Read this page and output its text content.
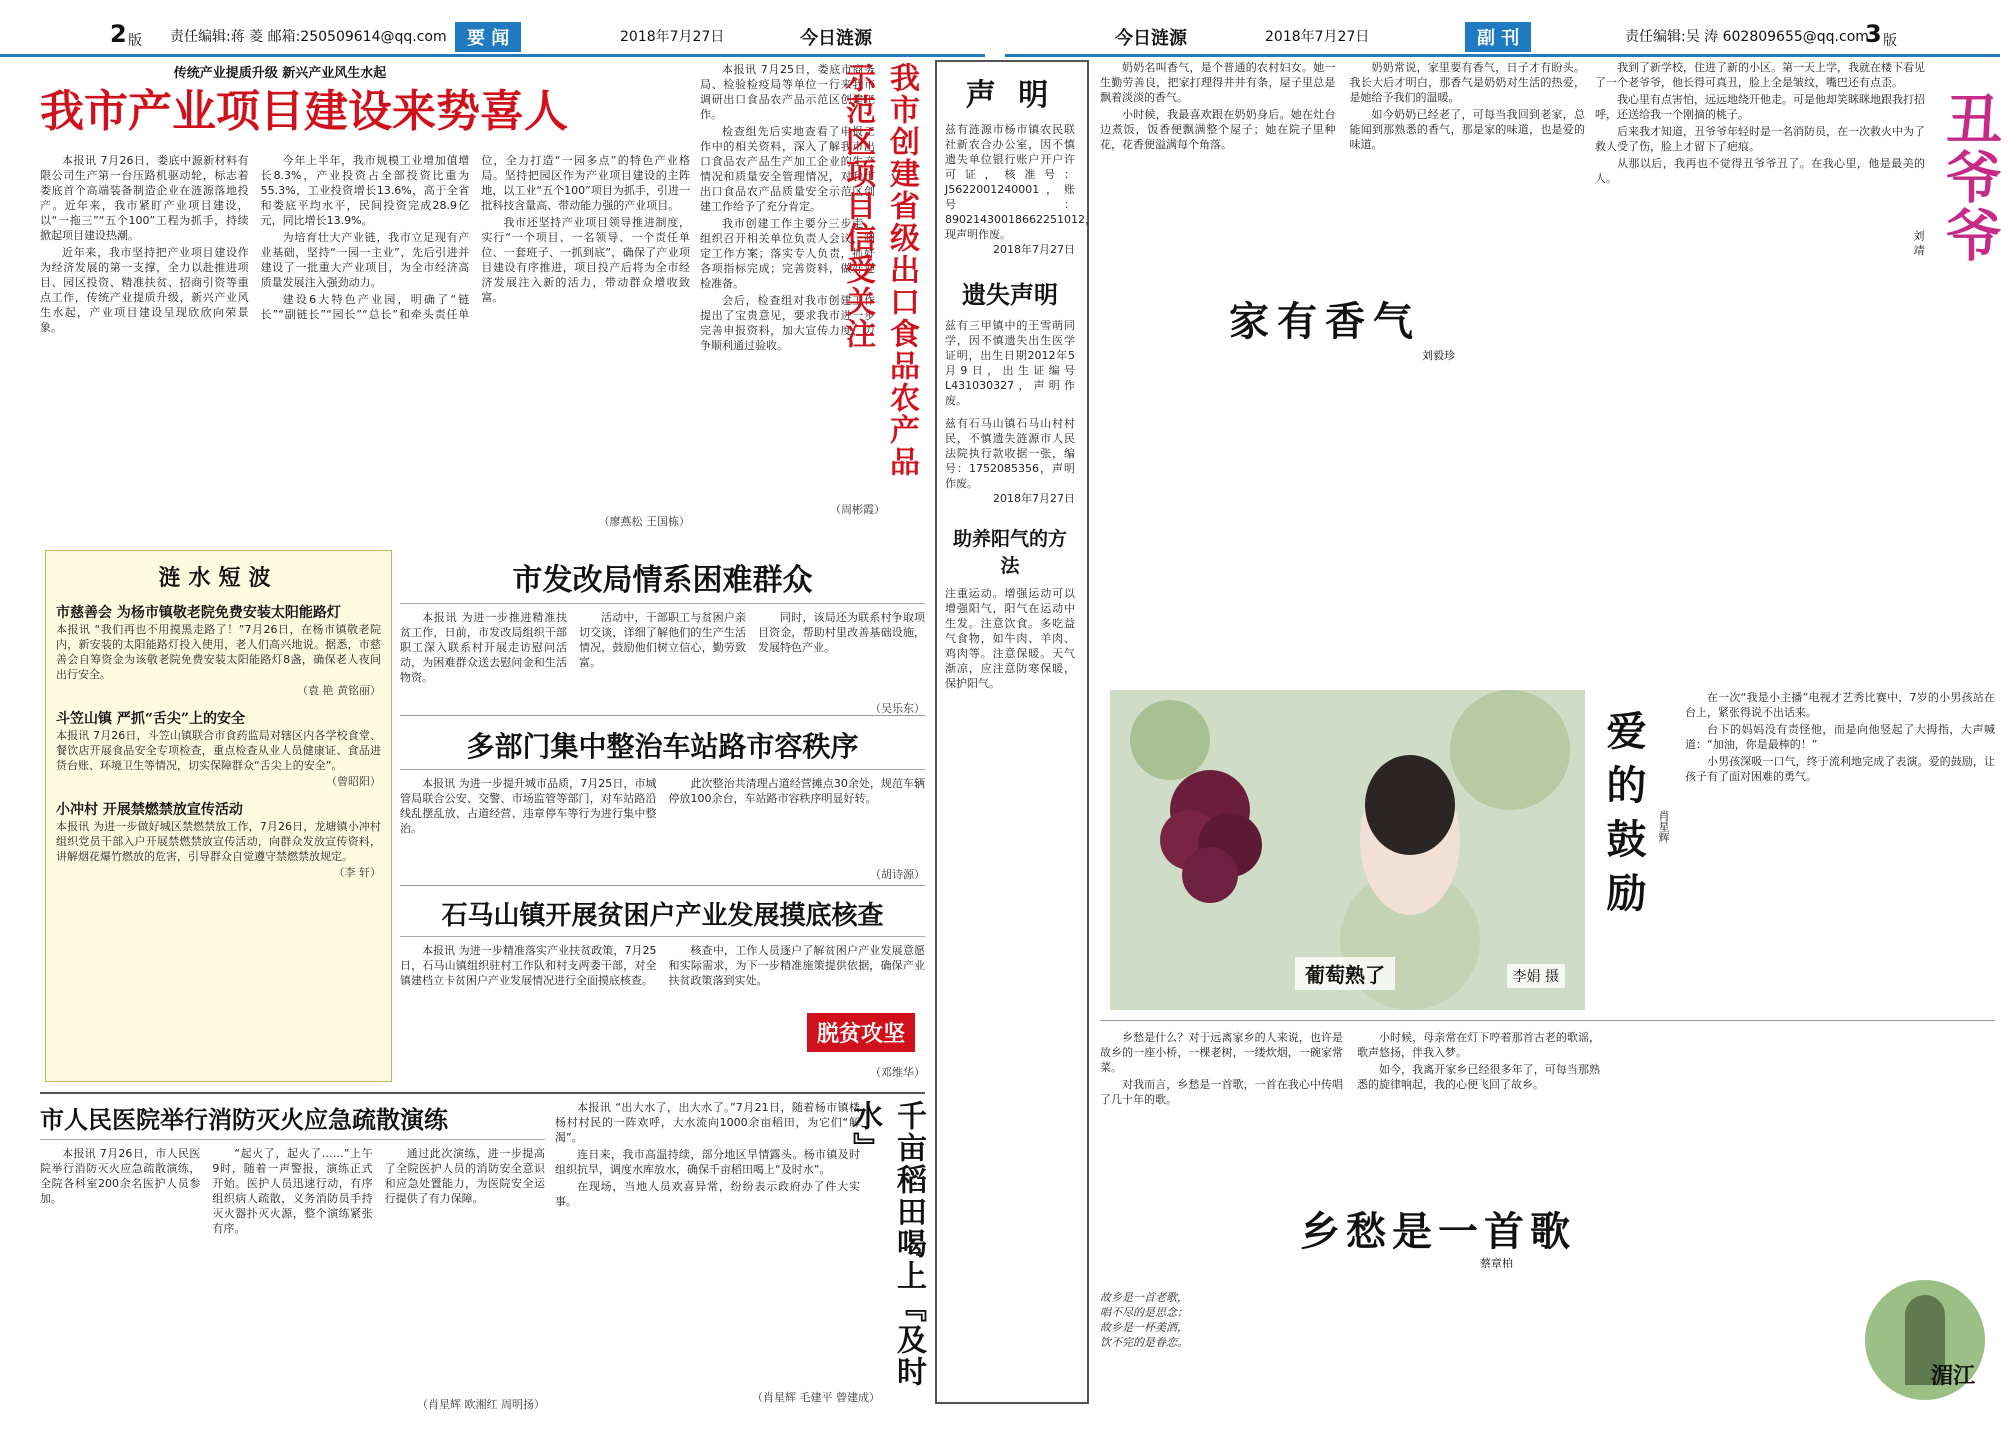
2 版 责任编辑:蒋 菱 邮箱:250509614@qq.com	要 闻	2018年7月27日	今日涟源
传统产业提质升级 新兴产业风生水起
我市产业项目建设来势喜人

本报讯 7月26日，娄底中源新材料有限公司生产第一台压路机驱动轮，标志着娄底首个高端装备制造企业在涟源落地投产。近年来，我市紧盯产业项目建设，以“一拖三”“五个100”工程为抓手，持续掀起项目建设热潮。

近年来，我市坚持把产业项目建设作为经济发展的第一支撑，全力以赴推进项目、园区投资、精准扶贫、招商引资等重点工作，传统产业提质升级，新兴产业风生水起，产业项目建设呈现欣欣向荣景象。

今年上半年，我市规模工业增加值增长8.3%，产业投资占全部投资比重为55.3%，工业投资增长13.6%，高于全省和娄底平均水平，民间投资完成28.9亿元，同比增长13.9%。

为培育壮大产业链，我市立足现有产业基础，坚持“一园一主业”，先后引进并建设了一批重大产业项目，为全市经济高质量发展注入强劲动力。

建设6大特色产业园，明确了“链长”“副链长”“园长”“总长”和牵头责任单位，全力打造“一园多点”的特色产业格局。坚持把园区作为产业项目建设的主阵地，以工业“五个100”项目为抓手，引进一批科技含量高、带动能力强的产业项目。

我市还坚持产业项目领导推进制度，实行“一个项目、一名领导、一个责任单位、一套班子、一抓到底”，确保了产业项目建设有序推进，项目投产后将为全市经济发展注入新的活力，带动群众增收致富。

（廖燕松 王国栋）

本报讯 7月25日，娄底市商务局、检验检疫局等单位一行来我市调研出口食品农产品示范区创建工作。

检查组先后实地查看了申报工作中的相关资料，深入了解我市出口食品农产品生产加工企业的生产情况和质量安全管理情况，对我市出口食品农产品质量安全示范区创建工作给予了充分肯定。

我市创建工作主要分三步走，组织召开相关单位负责人会议，制定工作方案；落实专人负责，抓好各项指标完成；完善资料，做好迎检准备。

会后，检查组对我市创建工作提出了宝贵意见，要求我市进一步完善申报资料，加大宣传力度，力争顺利通过验收。	我市创建省级出口食品农产品示范区项目信受关注
（周彬霞）
声 明
兹有涟源市杨市镇农民联社新农合办公室，因不慎遗失单位银行账户开户许可证，核准号：J5622001240001，账号：89021430018662251012，现声明作废。
2018年7月27日
遗失声明
兹有三甲镇中的王雪萌同学，因不慎遗失出生医学证明，出生日期2012年5月9日，出生证编号L431030327，声明作废。
兹有石马山镇石马山村村民，不慎遗失涟源市人民法院执行款收据一张，编号：1752085356，声明作废。
2018年7月27日
助养阳气的方法
注重运动。增强运动可以增强阳气，阳气在运动中生发。注意饮食。多吃益气食物，如牛肉、羊肉、鸡肉等。注意保暖。天气渐凉，应注意防寒保暖，保护阳气。
涟水短波
市慈善会 为杨市镇敬老院免费安装太阳能路灯
本报讯 “我们再也不用摸黑走路了！”7月26日，在杨市镇敬老院内，新安装的太阳能路灯投入使用，老人们高兴地说。据悉，市慈善会自筹资金为该敬老院免费安装太阳能路灯8盏，确保老人夜间出行安全。
（袁 艳 黄铭丽）
斗笠山镇 严抓“舌尖”上的安全
本报讯 7月26日，斗笠山镇联合市食药监局对辖区内各学校食堂、餐饮店开展食品安全专项检查，重点检查从业人员健康证、食品进货台账、环境卫生等情况，切实保障群众“舌尖上的安全”。
（曾昭阳）
小冲村 开展禁燃禁放宣传活动
本报讯 为进一步做好城区禁燃禁放工作，7月26日，龙塘镇小冲村组织党员干部入户开展禁燃禁放宣传活动，向群众发放宣传资料，讲解烟花爆竹燃放的危害，引导群众自觉遵守禁燃禁放规定。
（李 轩）
市发改局情系困难群众

本报讯 为进一步推进精准扶贫工作，日前，市发改局组织干部职工深入联系村开展走访慰问活动，为困难群众送去慰问金和生活物资。

活动中，干部职工与贫困户亲切交谈，详细了解他们的生产生活情况，鼓励他们树立信心，勤劳致富。

同时，该局还为联系村争取项目资金，帮助村里改善基础设施，发展特色产业。

（吴乐东）
多部门集中整治车站路市容秩序

本报讯 为进一步提升城市品质，7月25日，市城管局联合公安、交警、市场监管等部门，对车站路沿线乱摆乱放、占道经营、违章停车等行为进行集中整治。

此次整治共清理占道经营摊点30余处，规范车辆停放100余台，车站路市容秩序明显好转。

（胡诗源）
石马山镇开展贫困户产业发展摸底核查

本报讯 为进一步精准落实产业扶贫政策，7月25日，石马山镇组织驻村工作队和村支两委干部，对全镇建档立卡贫困户产业发展情况进行全面摸底核查。

核查中，工作人员逐户了解贫困户产业发展意愿和实际需求，为下一步精准施策提供依据，确保产业扶贫政策落到实处。

脱贫攻坚
（邓维华）
市人民医院举行消防灭火应急疏散演练

本报讯 7月26日，市人民医院举行消防灭火应急疏散演练，全院各科室200余名医护人员参加。

“起火了，起火了……”上午9时，随着一声警报，演练正式开始。医护人员迅速行动，有序组织病人疏散，义务消防员手持灭火器扑灭火源，整个演练紧张有序。

通过此次演练，进一步提高了全院医护人员的消防安全意识和应急处置能力，为医院安全运行提供了有力保障。

（肖星辉 欧湘红 周明扬）

本报讯 “出大水了，出大水了。”7月21日，随着杨市镇楼杨村村民的一阵欢呼，大水流向1000余亩稻田，为它们“解渴”。

连日来，我市高温持续，部分地区旱情露头。杨市镇及时组织抗旱，调度水库放水，确保千亩稻田喝上“及时水”。

在现场，当地人员欢喜异常，纷纷表示政府办了件大实事。	千亩稻田喝上『及时水』
（肖星辉 毛建平 曾建成）
今日涟源	2018年7月27日	副 刊	责任编辑:吴 涛 602809655@qq.com
3 版

奶奶名叫香气，是个普通的农村妇女。她一生勤劳善良，把家打理得井井有条，屋子里总是飘着淡淡的香气。

小时候，我最喜欢跟在奶奶身后。她在灶台边煮饭，饭香便飘满整个屋子；她在院子里种花，花香便溢满每个角落。

奶奶常说，家里要有香气，日子才有盼头。我长大后才明白，那香气是奶奶对生活的热爱，是她给予我们的温暖。

如今奶奶已经老了，可每当我回到老家，总能闻到那熟悉的香气，那是家的味道，也是爱的味道。

家有香气
刘毅珍

我到了新学校，住进了新的小区。第一天上学，我就在楼下看见了一个老爷爷，他长得可真丑，脸上全是皱纹，嘴巴还有点歪。

我心里有点害怕，远远地绕开他走。可是他却笑眯眯地跟我打招呼，还送给我一个刚摘的桃子。

后来我才知道，丑爷爷年轻时是一名消防员，在一次救火中为了救人受了伤，脸上才留下了疤痕。

从那以后，我再也不觉得丑爷爷丑了。在我心里，他是最美的人。	丑爷爷
刘 靖
葡萄熟了	李娟 摄
爱的鼓励 肖星辉

在一次“我是小主播”电视才艺秀比赛中，7岁的小男孩站在台上，紧张得说不出话来。

台下的妈妈没有责怪他，而是向他竖起了大拇指，大声喊道：“加油，你是最棒的！”

小男孩深吸一口气，终于流利地完成了表演。爱的鼓励，让孩子有了面对困难的勇气。

乡愁是什么？对于远离家乡的人来说，也许是故乡的一座小桥，一棵老树，一缕炊烟，一碗家常菜。

对我而言，乡愁是一首歌，一首在我心中传唱了几十年的歌。

小时候，母亲常在灯下哼着那首古老的歌谣，歌声悠扬，伴我入梦。

如今，我离开家乡已经很多年了，可每当那熟悉的旋律响起，我的心便飞回了故乡。

乡愁是一首歌
蔡章柏
故乡是一首老歌，
唱不尽的是思念；
故乡是一杯美酒，
饮不完的是眷恋。
湄江
